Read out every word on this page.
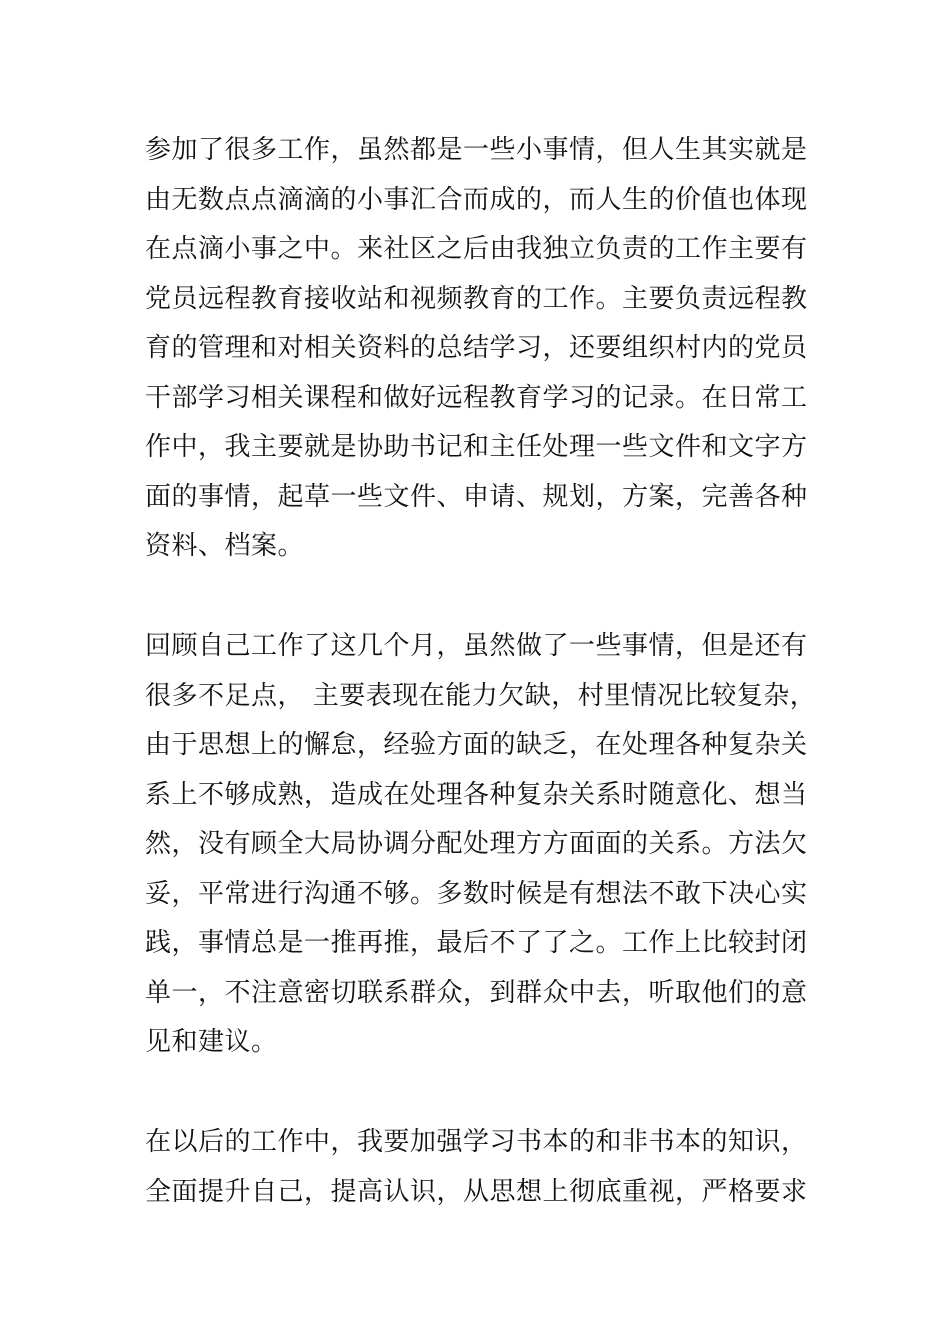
参加了很多工作，虽然都是一些小事情，但人生其实就是
由无数点点滴滴的小事汇合而成的，而人生的价值也体现
在点滴小事之中。来社区之后由我独立负责的工作主要有
党员远程教育接收站和视频教育的工作。主要负责远程教
育的管理和对相关资料的总结学习，还要组织村内的党员
干部学习相关课程和做好远程教育学习的记录。在日常工
作中，我主要就是协助书记和主任处理一些文件和文字方
面的事情，起草一些文件、申请、规划，方案，完善各种
资料、档案。
回顾自己工作了这几个月，虽然做了一些事情，但是还有
很多不足点， 主要表现在能力欠缺，村里情况比较复杂，
由于思想上的懈怠，经验方面的缺乏，在处理各种复杂关
系上不够成熟，造成在处理各种复杂关系时随意化、想当
然，没有顾全大局协调分配处理方方面面的关系。方法欠
妥，平常进行沟通不够。多数时候是有想法不敢下决心实
践，事情总是一推再推，最后不了了之。工作上比较封闭
单一，不注意密切联系群众，到群众中去，听取他们的意
见和建议。
在以后的工作中，我要加强学习书本的和非书本的知识，
全面提升自己，提高认识，从思想上彻底重视，严格要求
